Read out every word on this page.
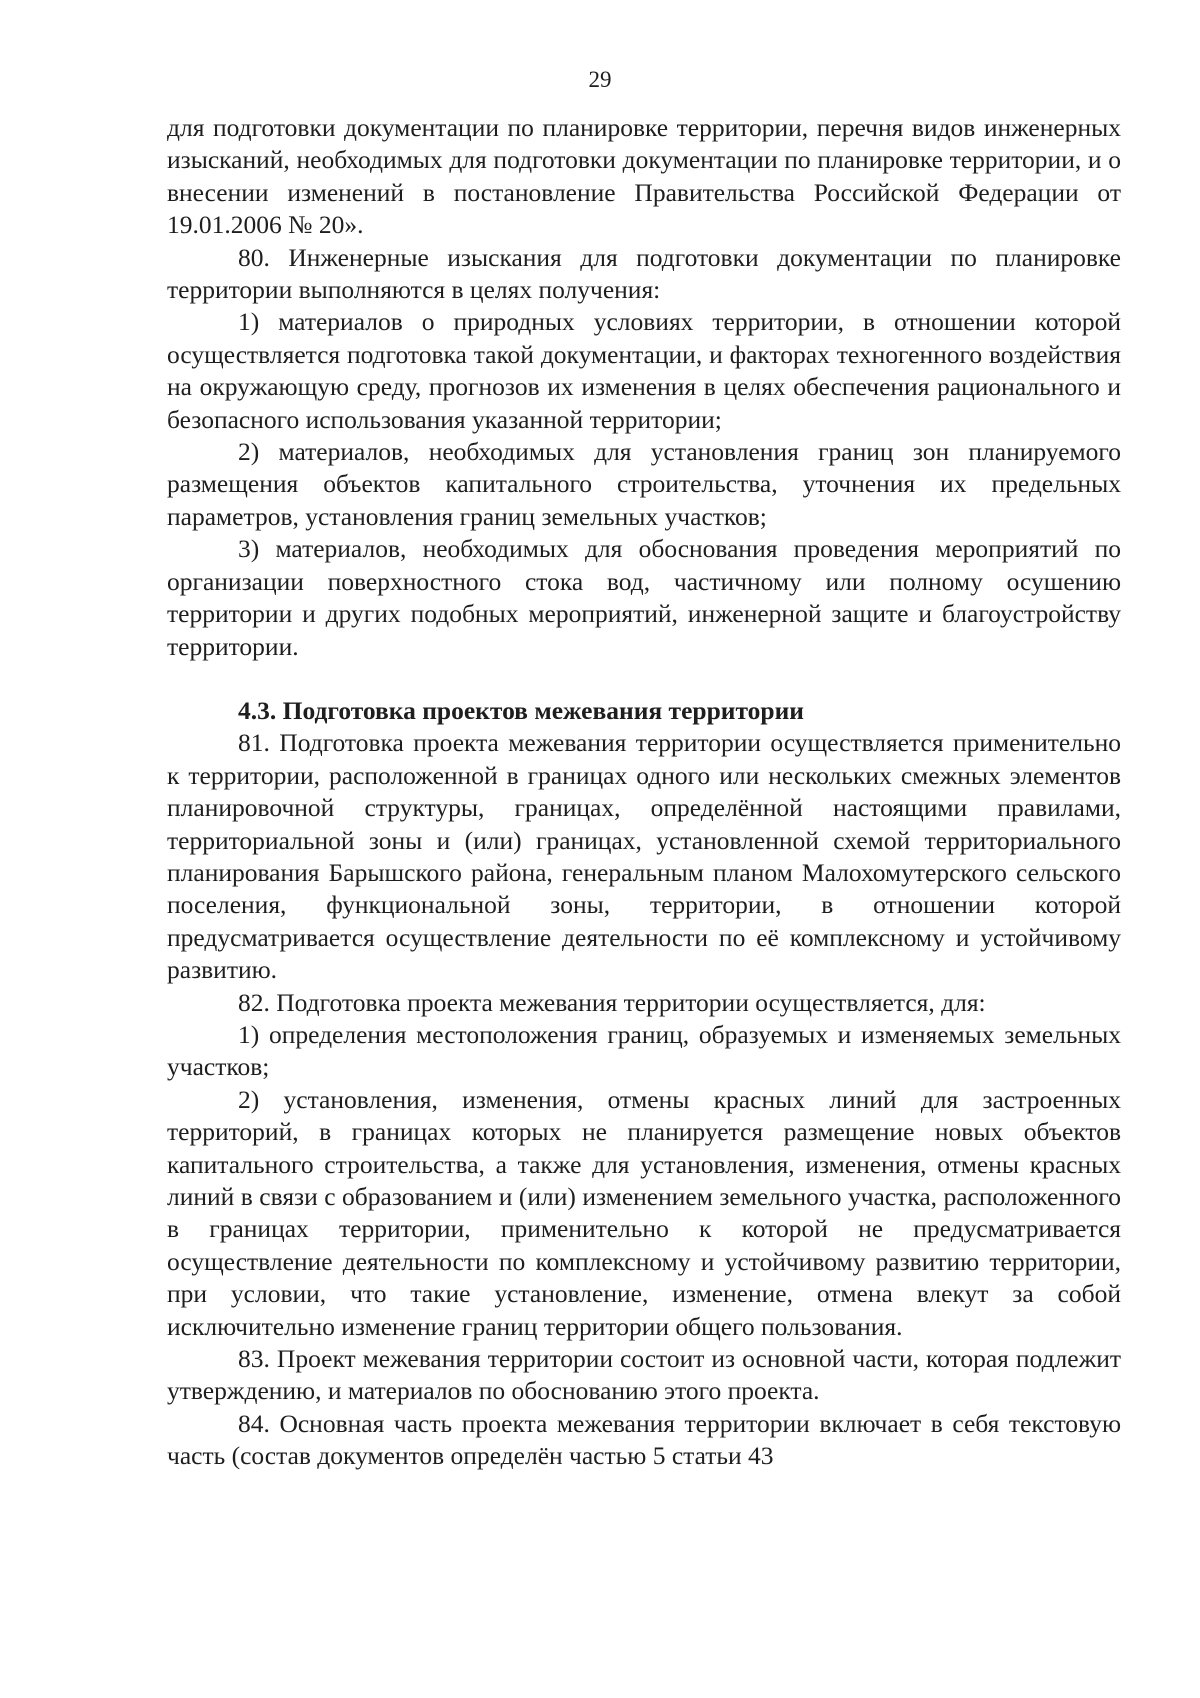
29

для подготовки документации по планировке территории, перечня видов инженерных изысканий, необходимых для подготовки документации по планировке территории, и о внесении изменений в постановление Правительства Российской Федерации от 19.01.2006 № 20».

80. Инженерные изыскания для подготовки документации по планировке территории выполняются в целях получения:

1) материалов о природных условиях территории, в отношении которой осуществляется подготовка такой документации, и факторах техногенного воздействия на окружающую среду, прогнозов их изменения в целях обеспечения рационального и безопасного использования указанной территории;

2) материалов, необходимых для установления границ зон планируемого размещения объектов капитального строительства, уточнения их предельных параметров, установления границ земельных участков;

3) материалов, необходимых для обоснования проведения мероприятий по организации поверхностного стока вод, частичному или полному осушению территории и других подобных мероприятий, инженерной защите и благоустройству территории.

4.3. Подготовка проектов межевания территории

81. Подготовка проекта межевания территории осуществляется применительно к территории, расположенной в границах одного или нескольких смежных элементов планировочной структуры, границах, определённой настоящими правилами, территориальной зоны и (или) границах, установленной схемой территориального планирования Барышского района, генеральным планом Малохомутерского сельского поселения, функциональной зоны, территории, в отношении которой предусматривается осуществление деятельности по её комплексному и устойчивому развитию.

82. Подготовка проекта межевания территории осуществляется, для:

1) определения местоположения границ, образуемых и изменяемых земельных участков;

2) установления, изменения, отмены красных линий для застроенных территорий, в границах которых не планируется размещение новых объектов капитального строительства, а также для установления, изменения, отмены красных линий в связи с образованием и (или) изменением земельного участка, расположенного в границах территории, применительно к которой не предусматривается осуществление деятельности по комплексному и устойчивому развитию территории, при условии, что такие установление, изменение, отмена влекут за собой исключительно изменение границ территории общего пользования.

83. Проект межевания территории состоит из основной части, которая подлежит утверждению, и материалов по обоснованию этого проекта.

84. Основная часть проекта межевания территории включает в себя текстовую часть (состав документов определён частью 5 статьи 43
